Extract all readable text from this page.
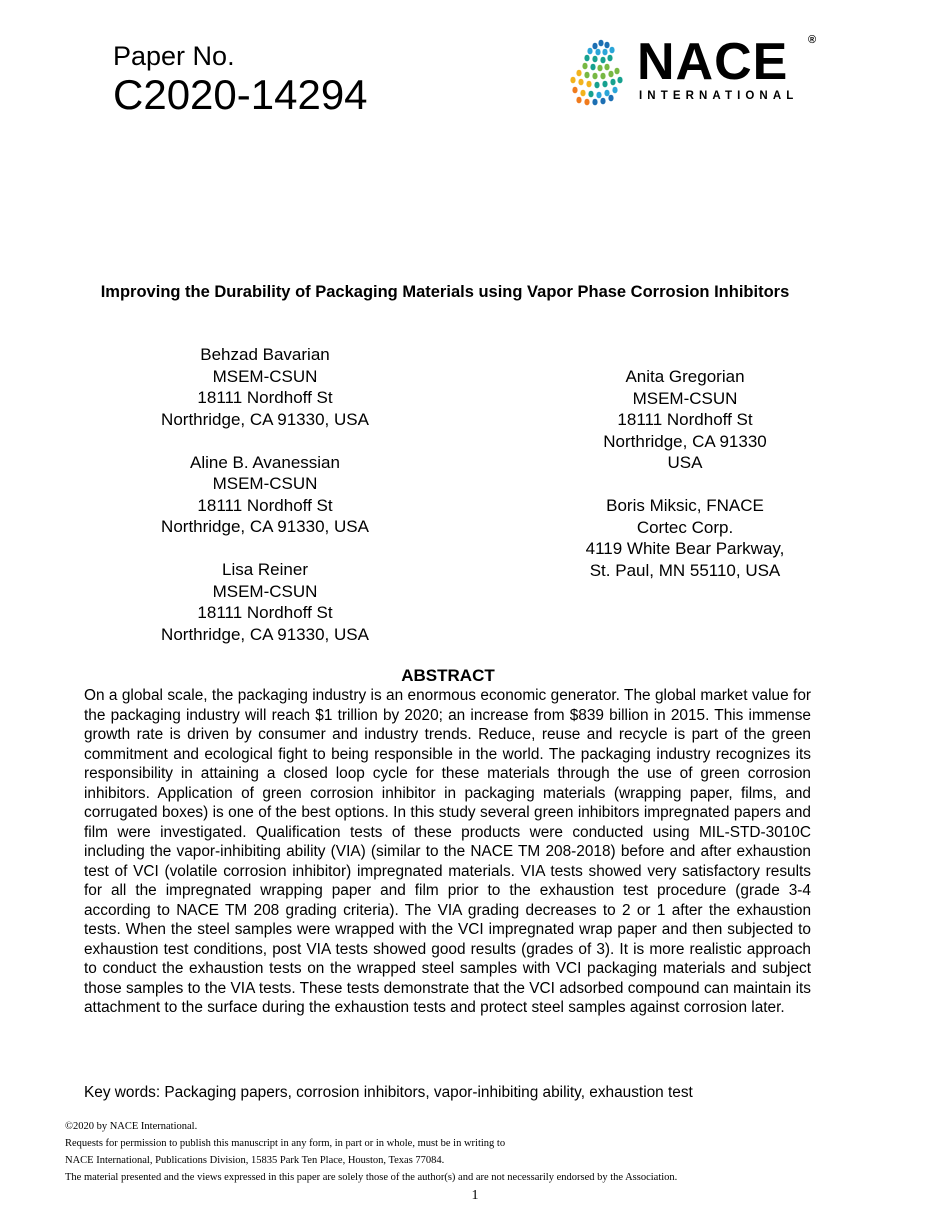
Paper No.
C2020-14294
NACE ®
INTERNATIONAL
Improving the Durability of Packaging Materials using Vapor Phase Corrosion Inhibitors
Behzad Bavarian
MSEM-CSUN
18111 Nordhoff St
Northridge, CA 91330, USA
Aline B. Avanessian
MSEM-CSUN
18111 Nordhoff St
Northridge, CA 91330, USA
Lisa Reiner
MSEM-CSUN
18111 Nordhoff St
Northridge, CA 91330, USA
Anita Gregorian
MSEM-CSUN
18111 Nordhoff St
Northridge, CA 91330
USA
Boris Miksic, FNACE
Cortec Corp.
4119 White Bear Parkway,
St. Paul, MN 55110, USA
ABSTRACT
On a global scale, the packaging industry is an enormous economic generator. The global market value for the packaging industry will reach $1 trillion by 2020; an increase from $839 billion in 2015. This immense growth rate is driven by consumer and industry trends. Reduce, reuse and recycle is part of the green commitment and ecological fight to being responsible in the world. The packaging industry recognizes its responsibility in attaining a closed loop cycle for these materials through the use of green corrosion inhibitors. Application of green corrosion inhibitor in packaging materials (wrapping paper, films, and corrugated boxes) is one of the best options. In this study several green inhibitors impregnated papers and film were investigated. Qualification tests of these products were conducted using MIL-STD-3010C including the vapor-inhibiting ability (VIA) (similar to the NACE TM 208-2018) before and after exhaustion test of VCI (volatile corrosion inhibitor) impregnated materials. VIA tests showed very satisfactory results for all the impregnated wrapping paper and film prior to the exhaustion test procedure (grade 3-4 according to NACE TM 208 grading criteria). The VIA grading decreases to 2 or 1 after the exhaustion tests. When the steel samples were wrapped with the VCI impregnated wrap paper and then subjected to exhaustion test conditions, post VIA tests showed good results (grades of 3). It is more realistic approach to conduct the exhaustion tests on the wrapped steel samples with VCI packaging materials and subject those samples to the VIA tests. These tests demonstrate that the VCI adsorbed compound can maintain its attachment to the surface during the exhaustion tests and protect steel samples against corrosion later.
Key words: Packaging papers, corrosion inhibitors, vapor-inhibiting ability, exhaustion test
©2020 by NACE International.
Requests for permission to publish this manuscript in any form, in part or in whole, must be in writing to
NACE International, Publications Division, 15835 Park Ten Place, Houston, Texas 77084.
The material presented and the views expressed in this paper are solely those of the author(s) and are not necessarily endorsed by the Association.
1
